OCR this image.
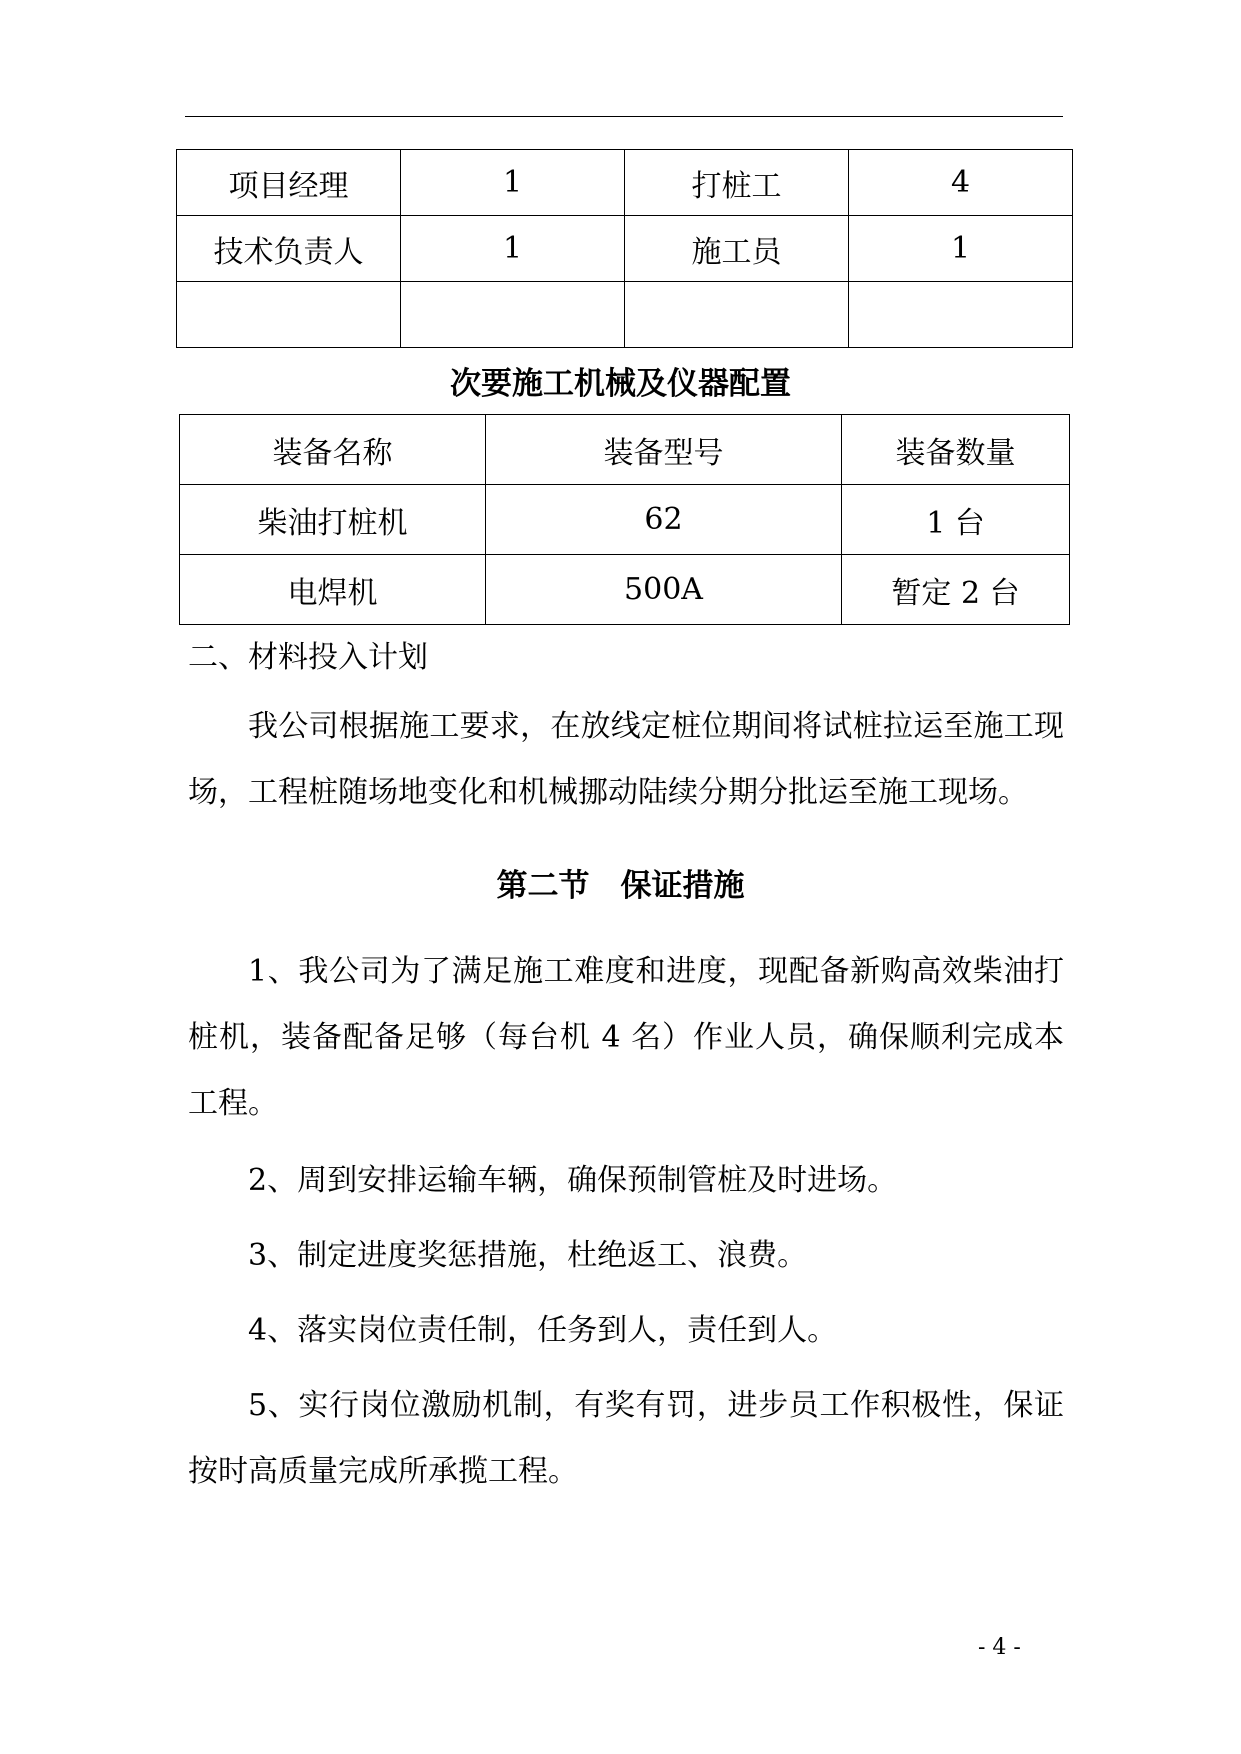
项目经理	1	打桩工	4
技术负责人	1	施工员	1

次要施工机械及仪器配置
装备名称	装备型号	装备数量
柴油打桩机	62	1 台
电焊机	500A	暂定 2 台
二、材料投入计划
我公司根据施工要求，在放线定桩位期间将试桩拉运至施工现场，工程桩随场地变化和机械挪动陆续分期分批运至施工现场。
第二节　保证措施
1、我公司为了满足施工难度和进度，现配备新购高效柴油打桩机，装备配备足够（每台机 4 名）作业人员，确保顺利完成本工程。
2、周到安排运输车辆，确保预制管桩及时进场。
3、制定进度奖惩措施，杜绝返工、浪费。
4、落实岗位责任制，任务到人，责任到人。
5、实行岗位激励机制，有奖有罚，进步员工作积极性，保证按时高质量完成所承揽工程。
- 4 -
